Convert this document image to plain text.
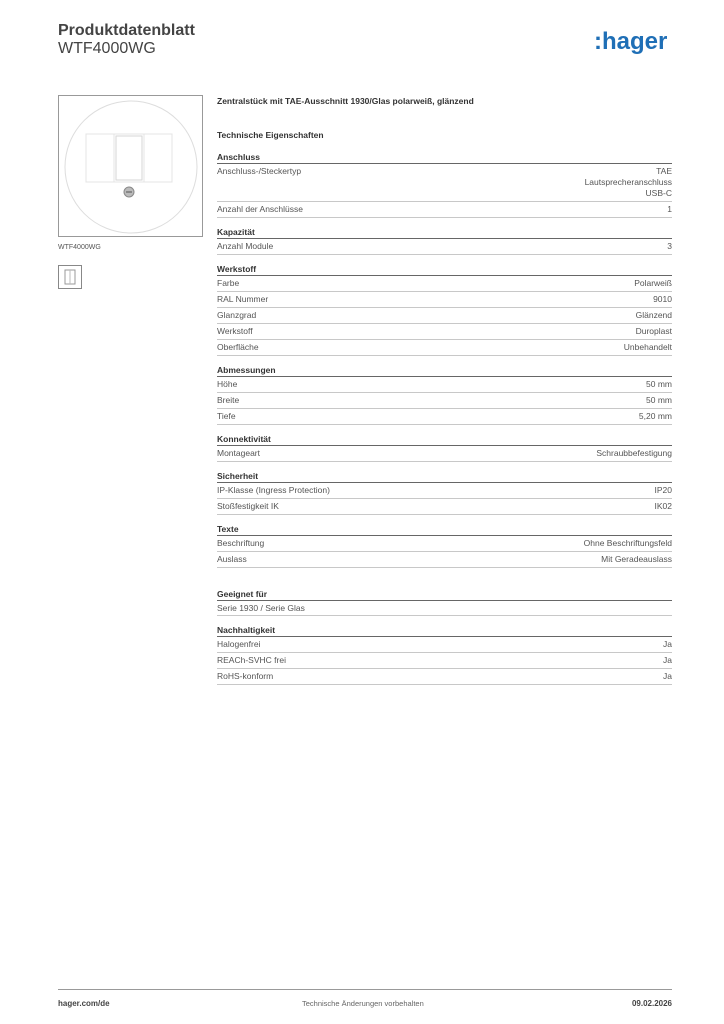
Produktdatenblatt
WTF4000WG	:hager
WTF4000WG
Zentralstück mit TAE-Ausschnitt 1930/Glas polarweiß, glänzend
Technische Eigenschaften
Anschluss
Anschluss-/Steckertyp	TAE
Lautsprecheranschluss
USB-C
Anzahl der Anschlüsse	1
Kapazität
Anzahl Module	3
Werkstoff
Farbe	Polarweiß
RAL Nummer	9010
Glanzgrad	Glänzend
Werkstoff	Duroplast
Oberfläche	Unbehandelt
Abmessungen
Höhe	50 mm
Breite	50 mm
Tiefe	5,20 mm
Konnektivität
Montageart	Schraubbefestigung
Sicherheit
IP-Klasse (Ingress Protection)	IP20
Stoßfestigkeit IK	IK02
Texte
Beschriftung	Ohne Beschriftungsfeld
Auslass	Mit Geradeauslass
Geeignet für
Serie 1930 / Serie Glas
Nachhaltigkeit
Halogenfrei	Ja
REACh-SVHC frei	Ja
RoHS-konform	Ja
hager.com/de	Technische Änderungen vorbehalten	09.02.2026
